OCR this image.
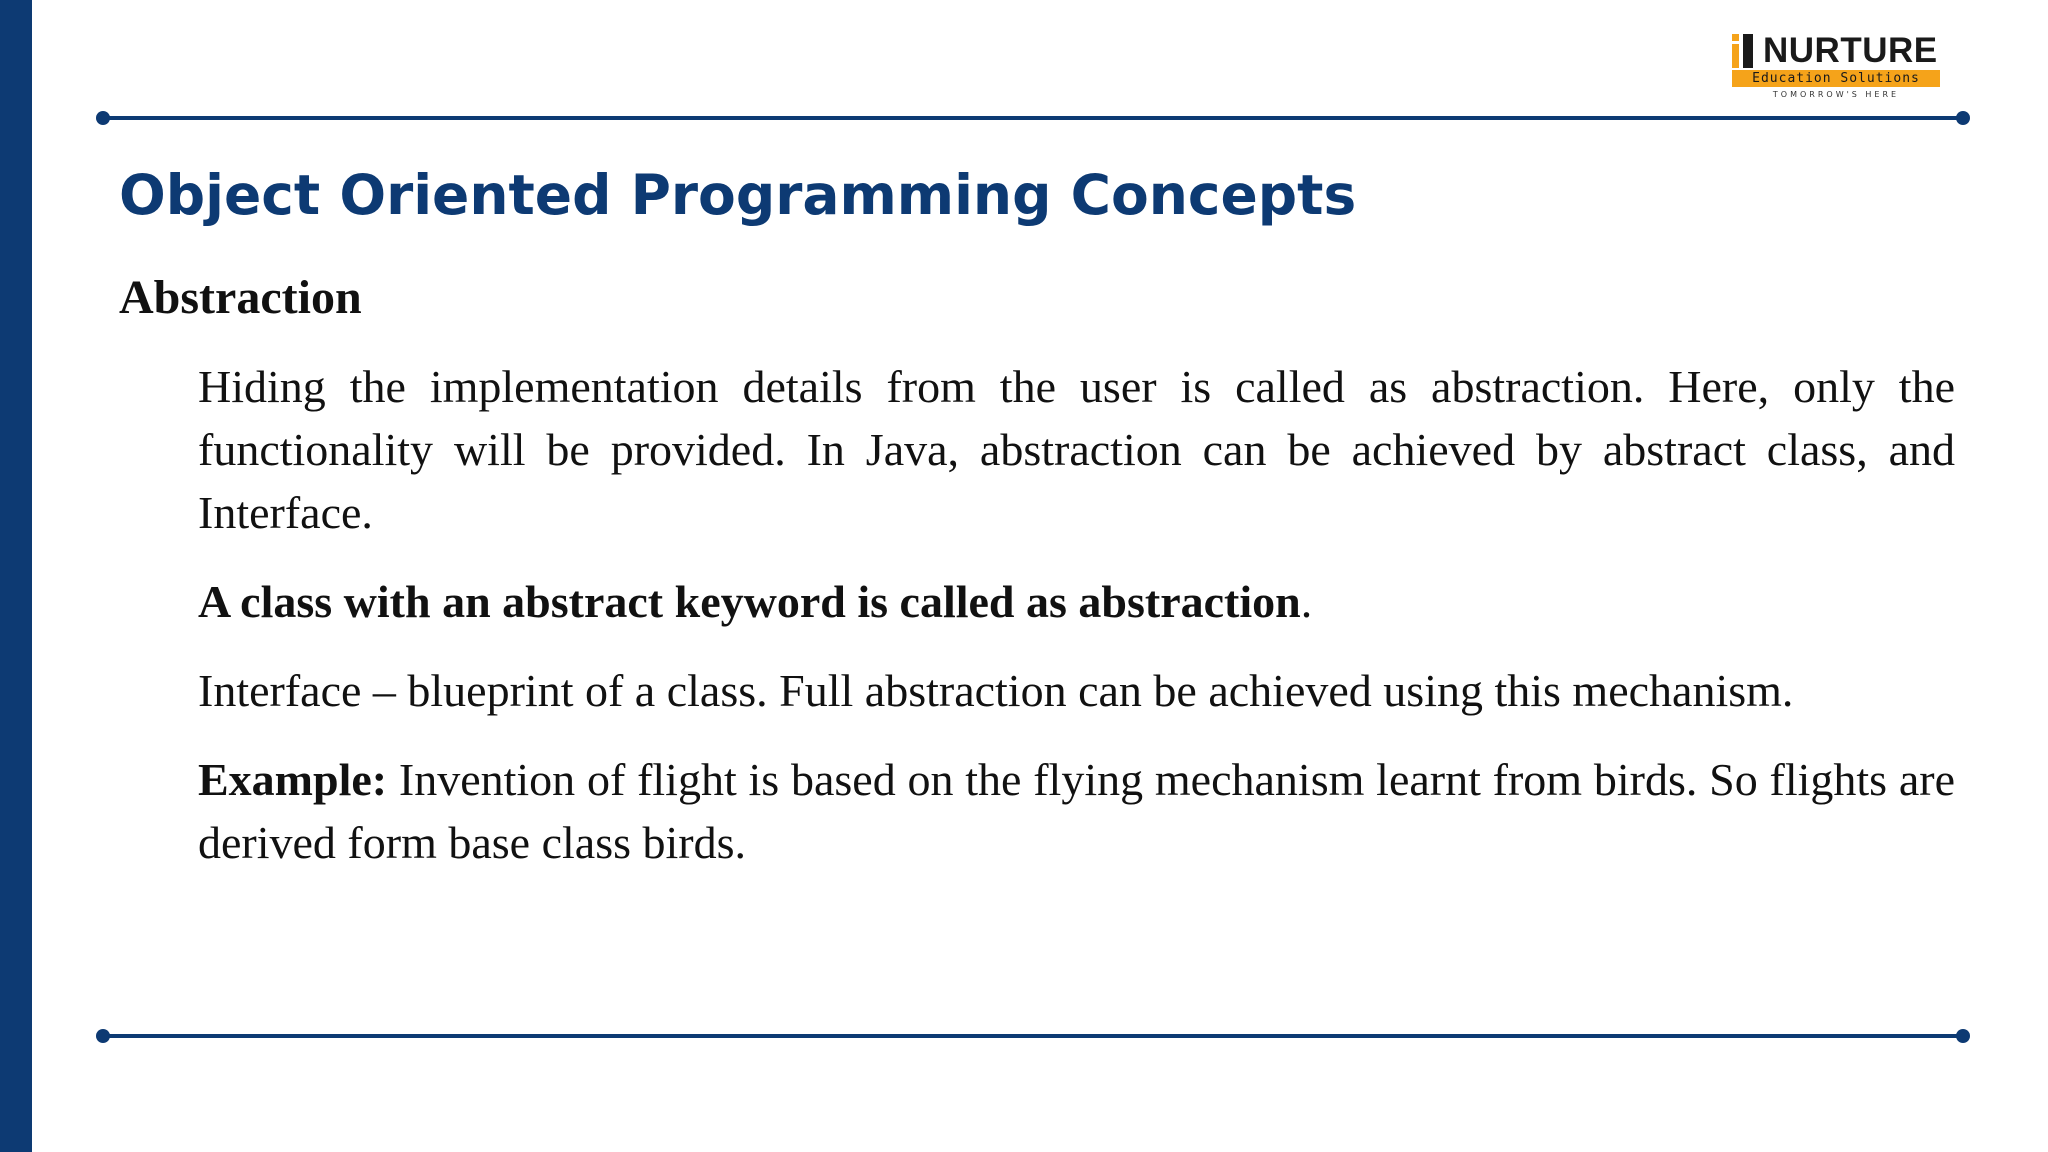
NURTURE
Education Solutions
TOMORROW'S HERE
Object Oriented Programming Concepts
Abstraction

Hiding the implementation details from the user is called as abstraction. Here, only the functionality will be provided. In Java, abstraction can be achieved by abstract class, and Interface.

A class with an abstract keyword is called as abstraction.

Interface – blueprint of a class. Full abstraction can be achieved using this mechanism.

Example: Invention of flight is based on the flying mechanism learnt from birds. So flights are derived form base class birds.
